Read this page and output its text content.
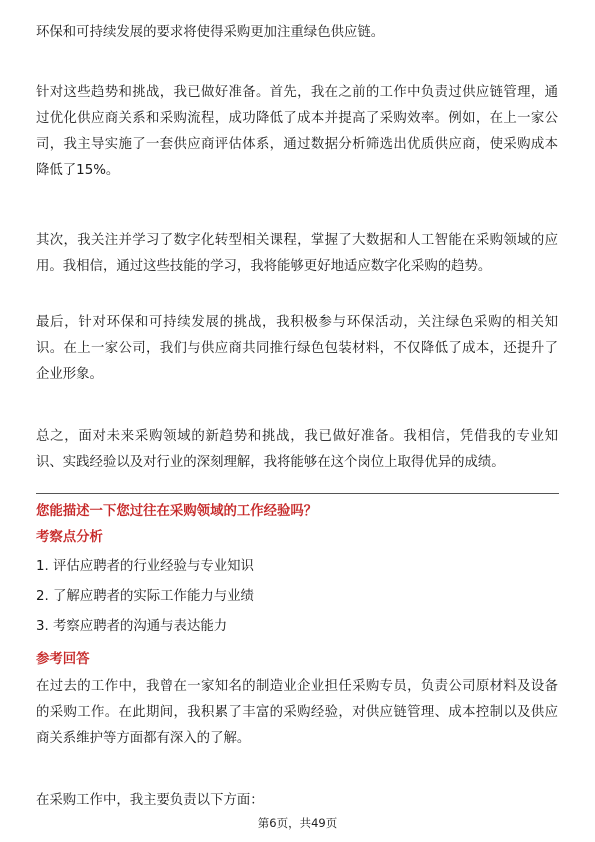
环保和可持续发展的要求将使得采购更加注重绿色供应链。

针对这些趋势和挑战，我已做好准备。首先，我在之前的工作中负责过供应链管理，通过优化供应商关系和采购流程，成功降低了成本并提高了采购效率。例如，在上一家公司，我主导实施了一套供应商评估体系，通过数据分析筛选出优质供应商，使采购成本降低了15%。

其次，我关注并学习了数字化转型相关课程，掌握了大数据和人工智能在采购领域的应用。我相信，通过这些技能的学习，我将能够更好地适应数字化采购的趋势。

最后，针对环保和可持续发展的挑战，我积极参与环保活动，关注绿色采购的相关知识。在上一家公司，我们与供应商共同推行绿色包装材料，不仅降低了成本，还提升了企业形象。

总之，面对未来采购领域的新趋势和挑战，我已做好准备。我相信，凭借我的专业知识、实践经验以及对行业的深刻理解，我将能够在这个岗位上取得优异的成绩。

您能描述一下您过往在采购领域的工作经验吗？

考察点分析

1. 评估应聘者的行业经验与专业知识
2. 了解应聘者的实际工作能力与业绩
3. 考察应聘者的沟通与表达能力

参考回答

在过去的工作中，我曾在一家知名的制造业企业担任采购专员，负责公司原材料及设备的采购工作。在此期间，我积累了丰富的采购经验，对供应链管理、成本控制以及供应商关系维护等方面都有深入的了解。

在采购工作中，我主要负责以下方面：

第6页，共49页
